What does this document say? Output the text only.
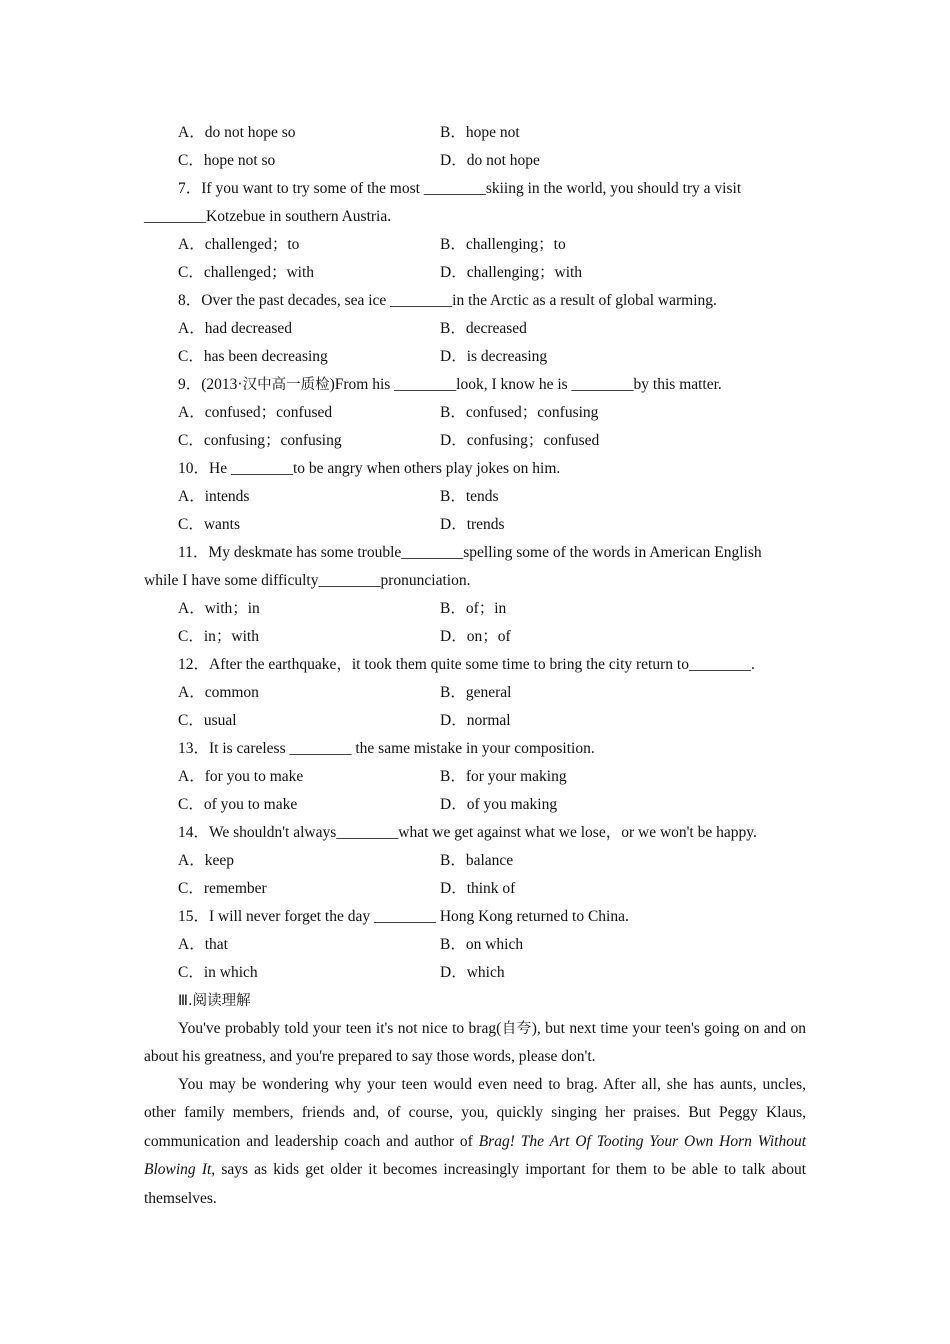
A．do not hope so	B．hope not
C．hope not so	D．do not hope
7．If you want to try some of the most ________skiing in the world, you should try a visit
________Kotzebue in southern Austria.
A．challenged；to	B．challenging；to
C．challenged；with	D．challenging；with
8．Over the past decades, sea ice ________in the Arctic as a result of global warming.
A．had decreased	B．decreased
C．has been decreasing	D．is decreasing
9．(2013·汉中高一质检)From his ________look, I know he is ________by this matter.
A．confused；confused	B．confused；confusing
C．confusing；confusing	D．confusing；confused
10．He ________to be angry when others play jokes on him.
A．intends	B．tends
C．wants	D．trends
11．My deskmate has some trouble________spelling some of the words in American English
while I have some difficulty________pronunciation.
A．with；in	B．of；in
C．in；with	D．on；of
12．After the earthquake，it took them quite some time to bring the city return to________.
A．common	B．general
C．usual	D．normal
13．It is careless ________ the same mistake in your composition.
A．for you to make	B．for your making
C．of you to make	D．of you making
14．We shouldn't always________what we get against what we lose，or we won't be happy.
A．keep	B．balance
C．remember	D．think of
15．I will never forget the day ________ Hong Kong returned to China.
A．that	B．on which
C．in which	D．which
Ⅲ.阅读理解
You've probably told your teen it's not nice to brag(自夸), but next time your teen's going on and on about his greatness, and you're prepared to say those words, please don't.
You may be wondering why your teen would even need to brag. After all, she has aunts, uncles, other family members, friends and, of course, you, quickly singing her praises. But Peggy Klaus, communication and leadership coach and author of Brag! The Art Of Tooting Your Own Horn Without Blowing It, says as kids get older it becomes increasingly important for them to be able to talk about themselves.
